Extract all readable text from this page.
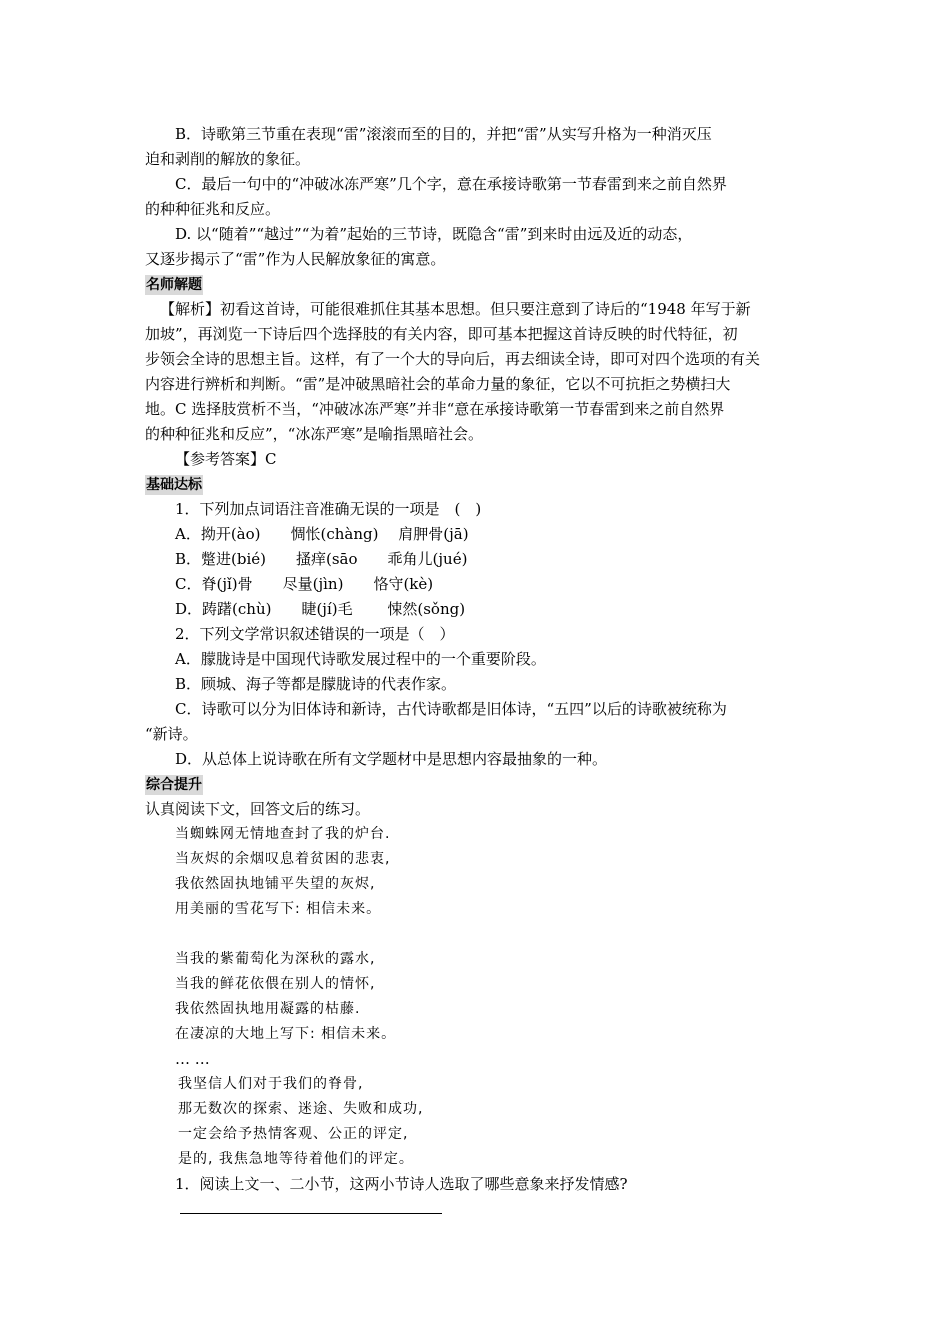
B．诗歌第三节重在表现“雷”滚滚而至的目的，并把“雷”从实写升格为一种消灭压
迫和剥削的解放的象征。
C．最后一句中的“冲破冰冻严寒”几个字，意在承接诗歌第一节春雷到来之前自然界
的种种征兆和反应。
D. 以“随着”“越过”“为着”起始的三节诗，既隐含“雷”到来时由远及近的动态，
又逐步揭示了“雷”作为人民解放象征的寓意。
名师解题
【解析】初看这首诗，可能很难抓住其基本思想。但只要注意到了诗后的“1948 年写于新
加坡”，再浏览一下诗后四个选择肢的有关内容，即可基本把握这首诗反映的时代特征，初
步领会全诗的思想主旨。这样，有了一个大的导向后，再去细读全诗，即可对四个选项的有关
内容进行辨析和判断。“雷”是冲破黑暗社会的革命力量的象征，它以不可抗拒之势横扫大
地。C 选择肢赏析不当，“冲破冰冻严寒”并非“意在承接诗歌第一节春雷到来之前自然界
的种种征兆和反应”，“冰冻严寒”是喻指黑暗社会。
【参考答案】C
基础达标
1．下列加点词语注音准确无误的一项是　(　)
A．拗开(ào)　　惆怅(chàng)　 肩胛骨(jā)
B．蹩进(bié)　　搔痒(sāo　　乖角儿(jué)
C．脊(jǐ)骨　　尽量(jìn)　　恪守(kè)
D．踌躇(chù)　　睫(jí)毛　　 悚然(sǒng)
2．下列文学常识叙述错误的一项是（　）
A．朦胧诗是中国现代诗歌发展过程中的一个重要阶段。
B．顾城、海子等都是朦胧诗的代表作家。
C．诗歌可以分为旧体诗和新诗，古代诗歌都是旧体诗，“五四”以后的诗歌被统称为
“新诗。
D．从总体上说诗歌在所有文学题材中是思想内容最抽象的一种。
综合提升
认真阅读下文，回答文后的练习。
当蜘蛛网无情地查封了我的炉台.
当灰烬的余烟叹息着贫困的悲衷,
我依然固执地铺平失望的灰烬,
用美丽的雪花写下: 相信未来。
当我的紫葡萄化为深秋的露水,
当我的鲜花依偎在别人的情怀,
我依然固执地用凝露的枯藤.
在凄凉的大地上写下: 相信未来。
… …
我坚信人们对于我们的脊骨,
那无数次的探索、迷途、失败和成功,
一定会给予热情客观、公正的评定,
是的, 我焦急地等待着他们的评定。
1．阅读上文一、二小节，这两小节诗人选取了哪些意象来抒发情感?
